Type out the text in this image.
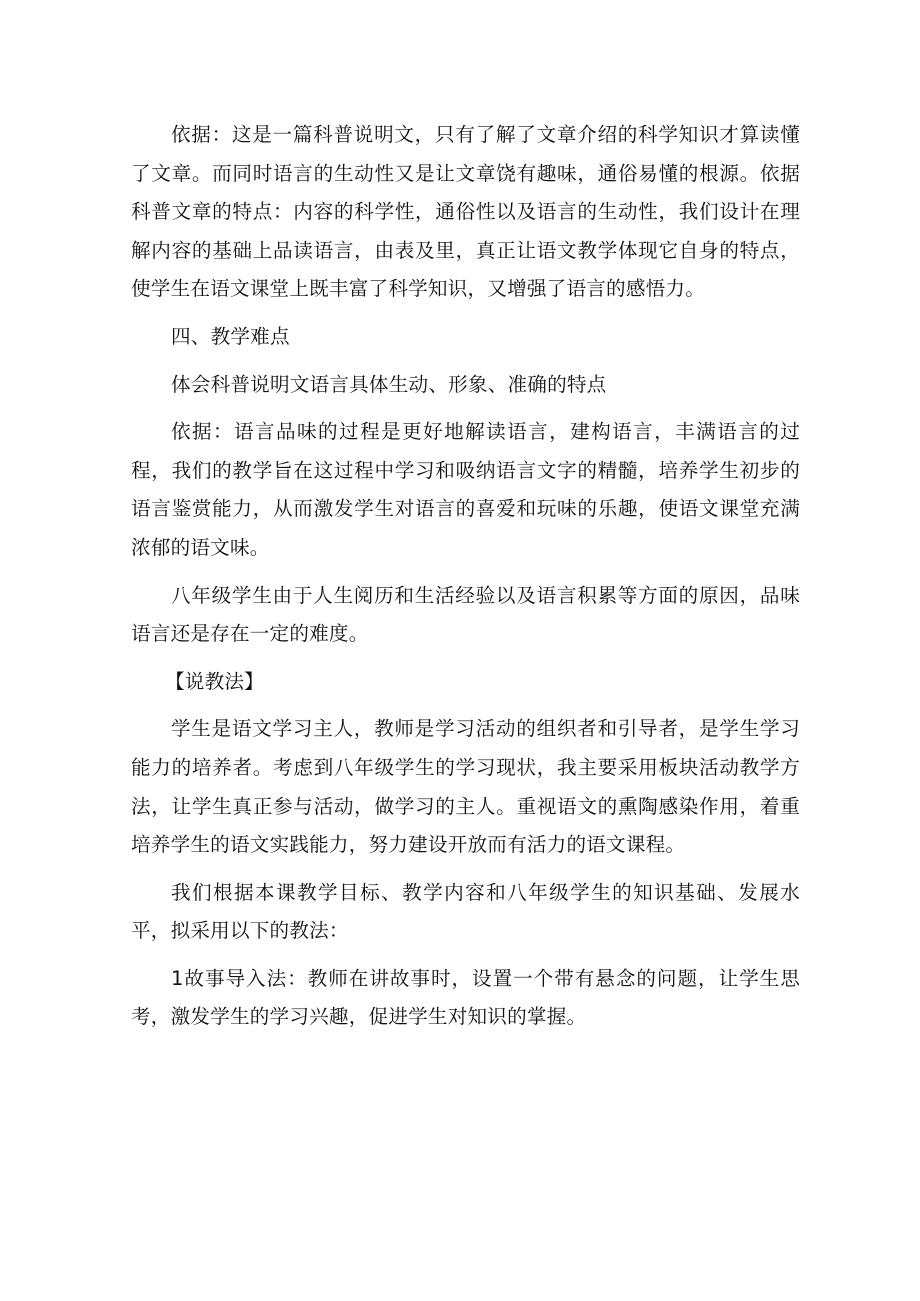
依据：这是一篇科普说明文，只有了解了文章介绍的科学知识才算读懂了文章。而同时语言的生动性又是让文章饶有趣味，通俗易懂的根源。依据科普文章的特点：内容的科学性，通俗性以及语言的生动性，我们设计在理解内容的基础上品读语言，由表及里，真正让语文教学体现它自身的特点，使学生在语文课堂上既丰富了科学知识，又增强了语言的感悟力。

四、教学难点

体会科普说明文语言具体生动、形象、准确的特点

依据：语言品味的过程是更好地解读语言，建构语言，丰满语言的过程，我们的教学旨在这过程中学习和吸纳语言文字的精髓，培养学生初步的语言鉴赏能力，从而激发学生对语言的喜爱和玩味的乐趣，使语文课堂充满浓郁的语文味。

八年级学生由于人生阅历和生活经验以及语言积累等方面的原因，品味语言还是存在一定的难度。

【说教法】

学生是语文学习主人，教师是学习活动的组织者和引导者，是学生学习能力的培养者。考虑到八年级学生的学习现状，我主要采用板块活动教学方法，让学生真正参与活动，做学习的主人。重视语文的熏陶感染作用，着重培养学生的语文实践能力，努力建设开放而有活力的语文课程。

我们根据本课教学目标、教学内容和八年级学生的知识基础、发展水平，拟采用以下的教法：

1故事导入法：教师在讲故事时，设置一个带有悬念的问题，让学生思考，激发学生的学习兴趣，促进学生对知识的掌握。
